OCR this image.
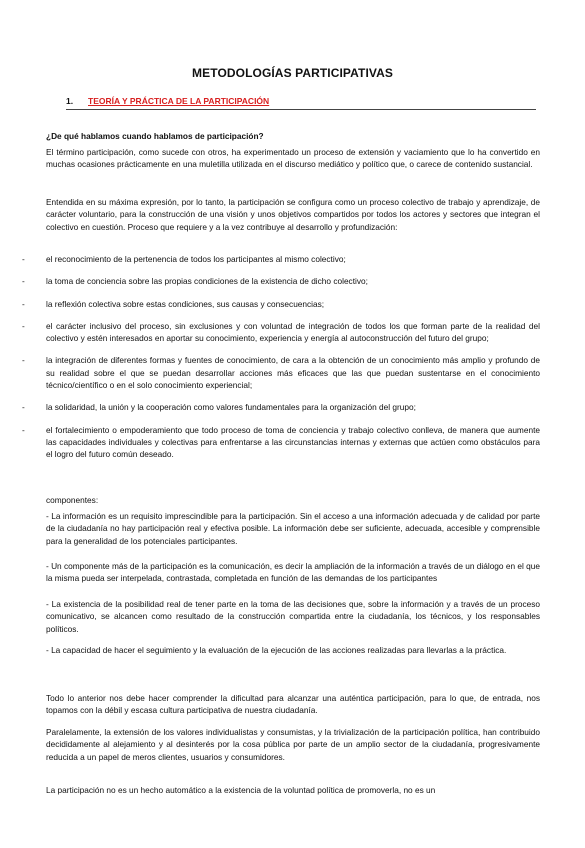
METODOLOGÍAS PARTICIPATIVAS
1. TEORÍA Y PRÁCTICA DE LA PARTICIPACIÓN
¿De qué hablamos cuando hablamos de participación?
El término participación, como sucede con otros, ha experimentado un proceso de extensión y vaciamiento que lo ha convertido en muchas ocasiones prácticamente en una muletilla utilizada en el discurso mediático y político que, o carece de contenido sustancial.
Entendida en su máxima expresión, por lo tanto, la participación se configura como un proceso colectivo de trabajo y aprendizaje, de carácter voluntario, para la construcción de una visión y unos objetivos compartidos por todos los actores y sectores que integran el colectivo en cuestión. Proceso que requiere y a la vez contribuye al desarrollo y profundización:
-	el reconocimiento de la pertenencia de todos los participantes al mismo colectivo;
-	la toma de conciencia sobre las propias condiciones de la existencia de dicho colectivo;
-	la reflexión colectiva sobre estas condiciones, sus causas y consecuencias;
-	el carácter inclusivo del proceso, sin exclusiones y con voluntad de integración de todos los que forman parte de la realidad del colectivo y estén interesados en aportar su conocimiento, experiencia y energía al autoconstrucción del futuro del grupo;
-	la integración de diferentes formas y fuentes de conocimiento, de cara a la obtención de un conocimiento más amplio y profundo de su realidad sobre el que se puedan desarrollar acciones más eficaces que las que puedan sustentarse en el conocimiento técnico/científico o en el solo conocimiento experiencial;
-	la solidaridad, la unión y la cooperación como valores fundamentales para la organización del grupo;
-	el fortalecimiento o empoderamiento que todo proceso de toma de conciencia y trabajo colectivo conlleva, de manera que aumente las capacidades individuales y colectivas para enfrentarse a las circunstancias internas y externas que actúen como obstáculos para el logro del futuro común deseado.
componentes:
- La información es un requisito imprescindible para la participación. Sin el acceso a una información adecuada y de calidad por parte de la ciudadanía no hay participación real y efectiva posible. La información debe ser suficiente, adecuada, accesible y comprensible para la generalidad de los potenciales participantes.
- Un componente más de la participación es la comunicación, es decir la ampliación de la información a través de un diálogo en el que la misma pueda ser interpelada, contrastada, completada en función de las demandas de los participantes
- La existencia de la posibilidad real de tener parte en la toma de las decisiones que, sobre la información y a través de un proceso comunicativo, se alcancen como resultado de la construcción compartida entre la ciudadanía, los técnicos, y los responsables políticos.
- La capacidad de hacer el seguimiento y la evaluación de la ejecución de las acciones realizadas para llevarlas a la práctica.
Todo lo anterior nos debe hacer comprender la dificultad para alcanzar una auténtica participación, para lo que, de entrada, nos topamos con la débil y escasa cultura participativa de nuestra ciudadanía.
Paralelamente, la extensión de los valores individualistas y consumistas, y la trivialización de la participación política, han contribuido decididamente al alejamiento y al desinterés por la cosa pública por parte de un amplio sector de la ciudadanía, progresivamente reducida a un papel de meros clientes, usuarios y consumidores.
La participación no es un hecho automático a la existencia de la voluntad política de promoverla, no es un
